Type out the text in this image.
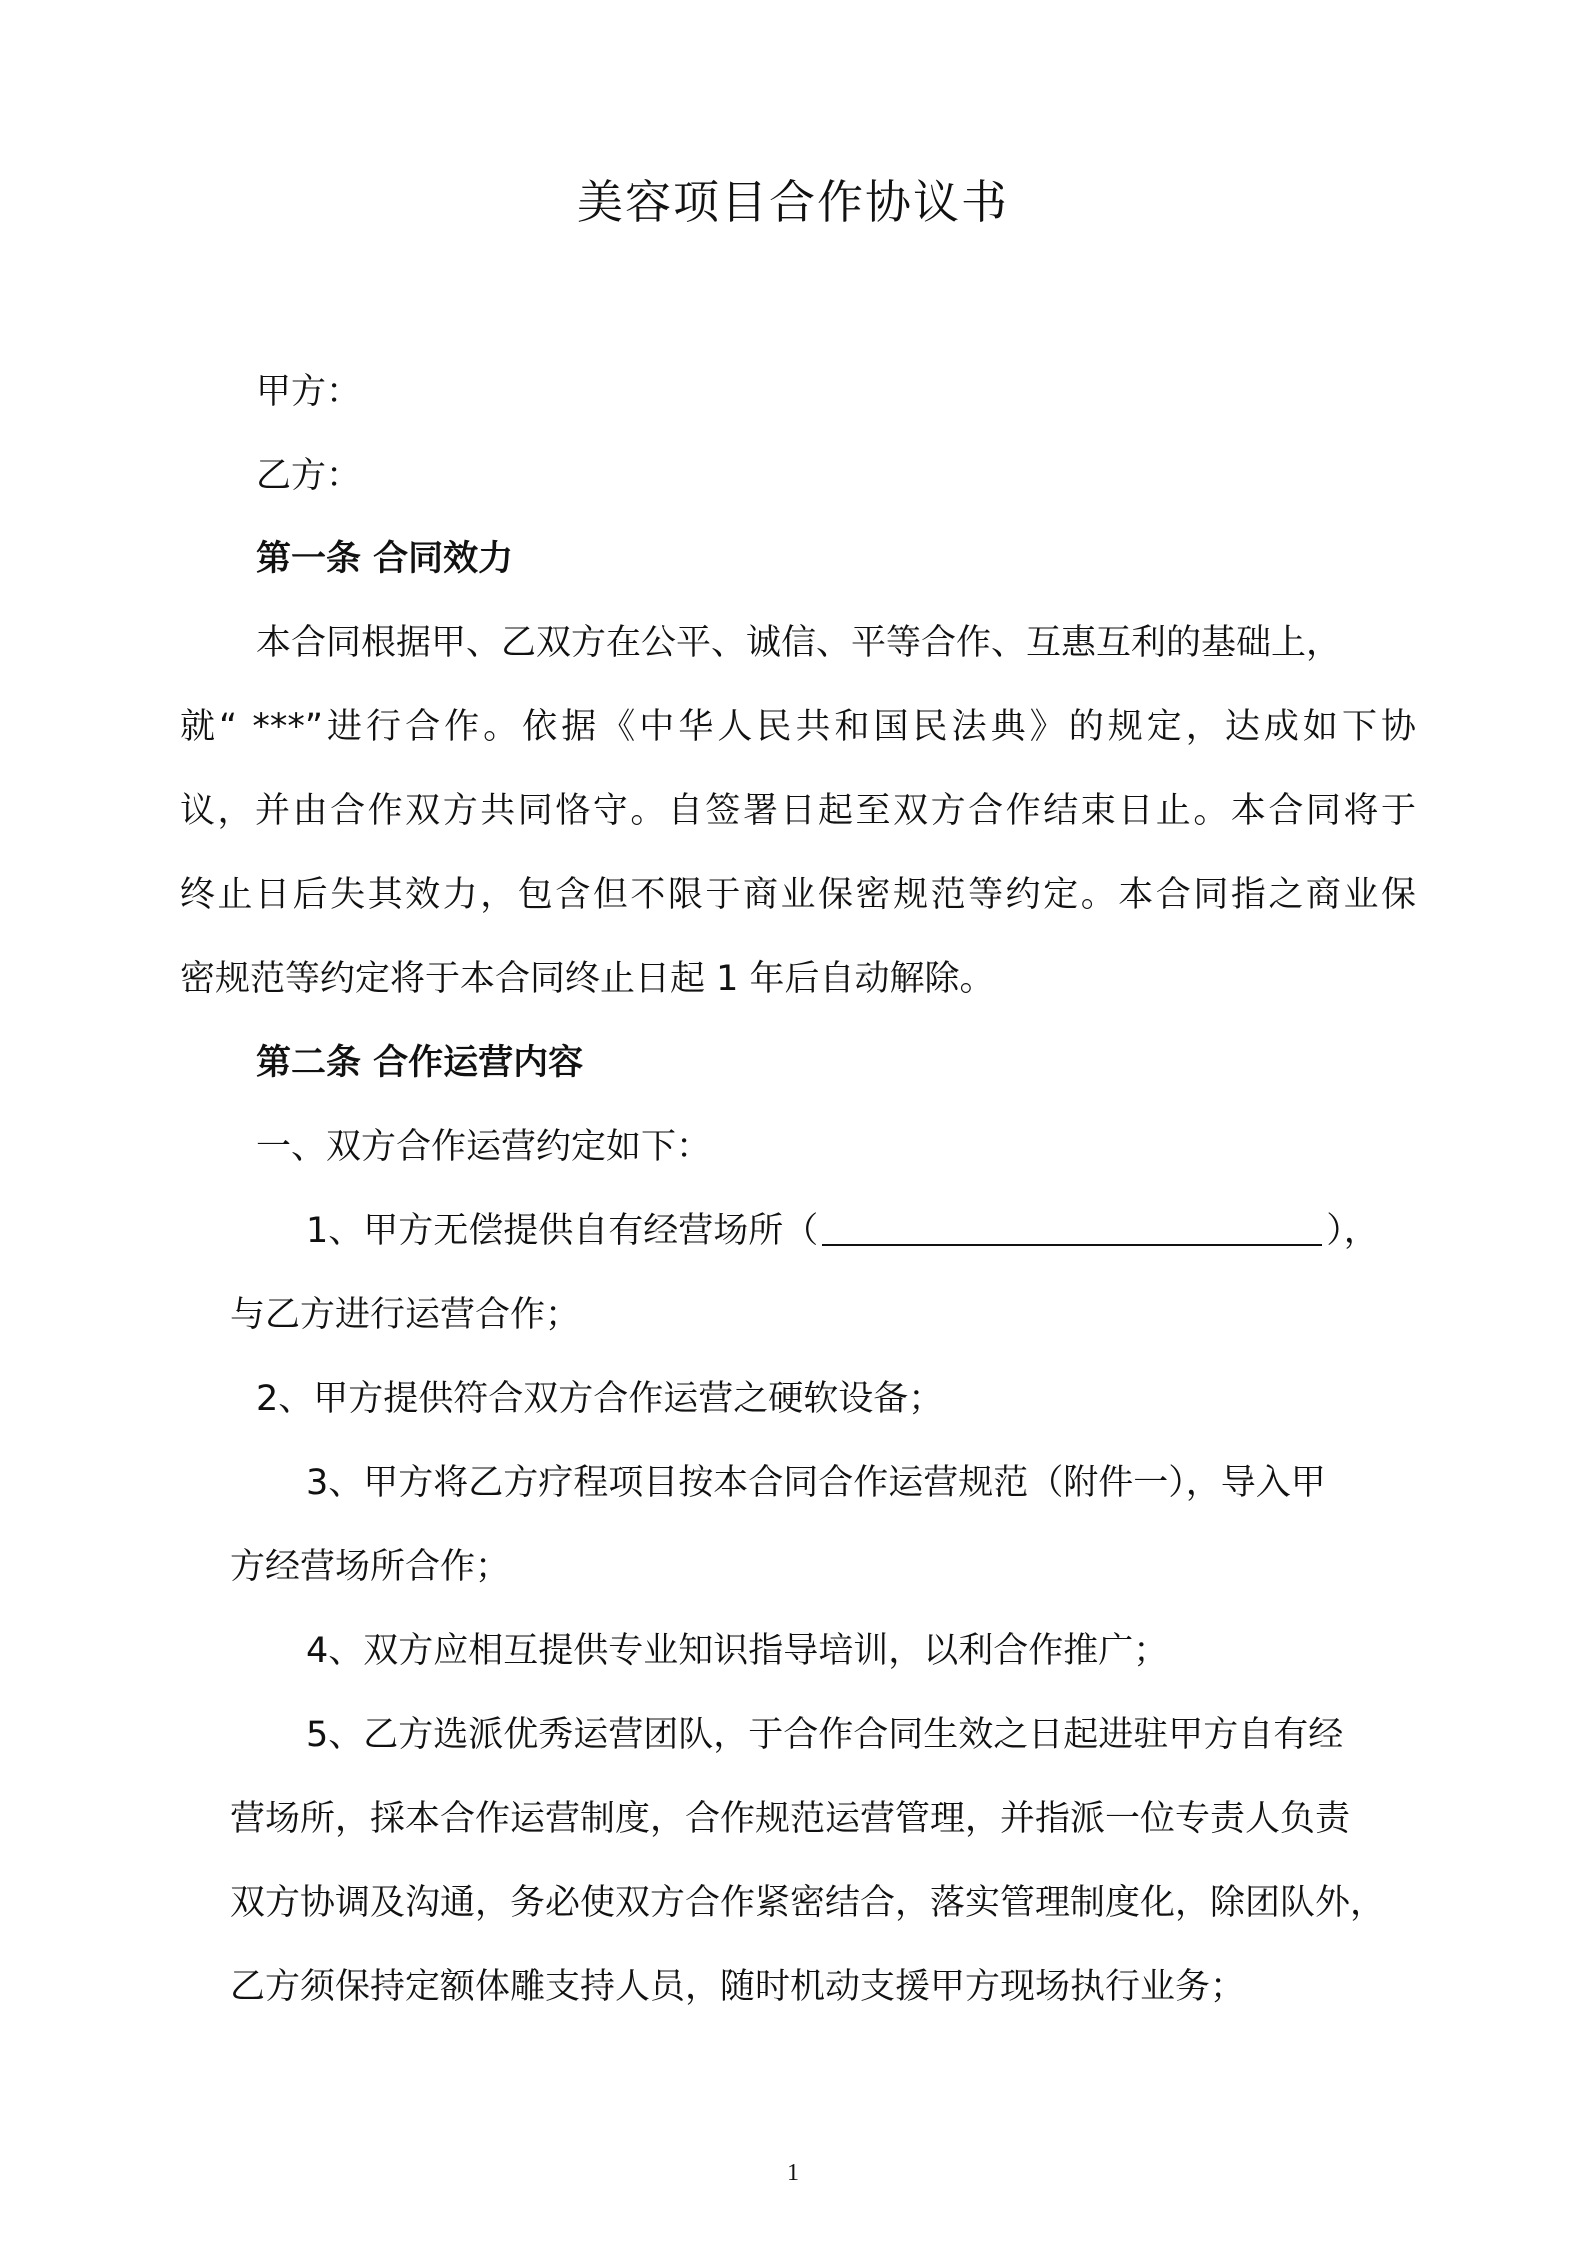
美容项目合作协议书
甲方：
乙方：
第一条 合同效力
本合同根据甲、乙双方在公平、诚信、平等合作、互惠互利的基础上，
就“ ***”进行合作。依据《中华人民共和国民法典》的规定，达成如下协
议，并由合作双方共同恪守。自签署日起至双方合作结束日止。本合同将于
终止日后失其效力，包含但不限于商业保密规范等约定。本合同指之商业保
密规范等约定将于本合同终止日起 1 年后自动解除。
第二条 合作运营内容
一、双方合作运营约定如下：
1、甲方无偿提供自有经营场所（	），
与乙方进行运营合作；
2、甲方提供符合双方合作运营之硬软设备；
3、甲方将乙方疗程项目按本合同合作运营规范（附件一），导入甲
方经营场所合作；
4、双方应相互提供专业知识指导培训，以利合作推广；
5、乙方选派优秀运营团队，于合作合同生效之日起进驻甲方自有经
营场所，採本合作运营制度，合作规范运营管理，并指派一位专责人负责
双方协调及沟通，务必使双方合作紧密结合，落实管理制度化，除团队外，
乙方须保持定额体雕支持人员，随时机动支援甲方现场执行业务；
1
